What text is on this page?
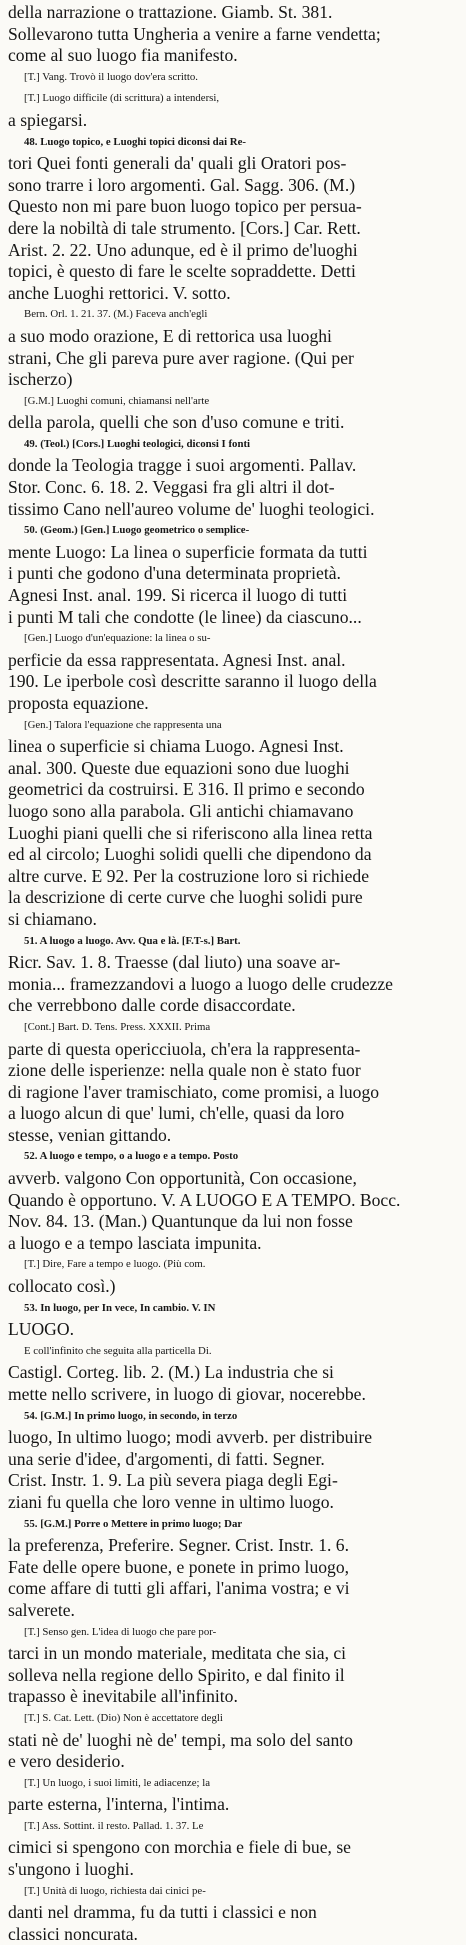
della narrazione o trattazione. Giamb. St. 381.
Sollevarono tutta Ungheria a venire a farne vendetta;
come al suo luogo fia manifesto.
[T.] Vang. Trovò il luogo dov'era scritto.
[T.] Luogo difficile (di scrittura) a intendersi,
a spiegarsi.
48. Luogo topico, e Luoghi topici diconsi dai Re-
tori Quei fonti generali da' quali gli Oratori pos-
sono trarre i loro argomenti. Gal. Sagg. 306. (M.)
Questo non mi pare buon luogo topico per persua-
dere la nobiltà di tale strumento. [Cors.] Car. Rett.
Arist. 2. 22. Uno adunque, ed è il primo de'luoghi
topici, è questo di fare le scelte sopraddette. Detti
anche Luoghi rettorici. V. sotto.
Bern. Orl. 1. 21. 37. (M.) Faceva anch'egli
a suo modo orazione, E di rettorica usa luoghi
strani, Che gli pareva pure aver ragione. (Qui per
ischerzo)
[G.M.] Luoghi comuni, chiamansi nell'arte
della parola, quelli che son d'uso comune e triti.
49. (Teol.) [Cors.] Luoghi teologici, diconsi I fonti
donde la Teologia tragge i suoi argomenti. Pallav.
Stor. Conc. 6. 18. 2. Veggasi fra gli altri il dot-
tissimo Cano nell'aureo volume de' luoghi teologici.
50. (Geom.) [Gen.] Luogo geometrico o semplice-
mente Luogo: La linea o superficie formata da tutti
i punti che godono d'una determinata proprietà.
Agnesi Inst. anal. 199. Si ricerca il luogo di tutti
i punti M tali che condotte (le linee) da ciascuno...
[Gen.] Luogo d'un'equazione: la linea o su-
perficie da essa rappresentata. Agnesi Inst. anal.
190. Le iperbole così descritte saranno il luogo della
proposta equazione.
[Gen.] Talora l'equazione che rappresenta una
linea o superficie si chiama Luogo. Agnesi Inst.
anal. 300. Queste due equazioni sono due luoghi
geometrici da costruirsi. E 316. Il primo e secondo
luogo sono alla parabola. Gli antichi chiamavano
Luoghi piani quelli che si riferiscono alla linea retta
ed al circolo; Luoghi solidi quelli che dipendono da
altre curve. E 92. Per la costruzione loro si richiede
la descrizione di certe curve che luoghi solidi pure
si chiamano.
51. A luogo a luogo. Avv. Qua e là. [F.T-s.] Bart.
Ricr. Sav. 1. 8. Traesse (dal liuto) una soave ar-
monia... framezzandovi a luogo a luogo delle crudezze
che verrebbono dalle corde disaccordate.
[Cont.] Bart. D. Tens. Press. XXXII. Prima
parte di questa opericciuola, ch'era la rappresenta-
zione delle isperienze: nella quale non è stato fuor
di ragione l'aver tramischiato, come promisi, a luogo
a luogo alcun di que' lumi, ch'elle, quasi da loro
stesse, venian gittando.
52. A luogo e tempo, o a luogo e a tempo. Posto
avverb. valgono Con opportunità, Con occasione,
Quando è opportuno. V. A LUOGO E A TEMPO. Bocc.
Nov. 84. 13. (Man.) Quantunque da lui non fosse
a luogo e a tempo lasciata impunita.
[T.] Dire, Fare a tempo e luogo. (Più com.
collocato così.)
53. In luogo, per In vece, In cambio. V. IN
LUOGO.
E coll'infinito che seguita alla particella Di.
Castigl. Corteg. lib. 2. (M.) La industria che si
mette nello scrivere, in luogo di giovar, nocerebbe.
54. [G.M.] In primo luogo, in secondo, in terzo
luogo, In ultimo luogo; modi avverb. per distribuire
una serie d'idee, d'argomenti, di fatti. Segner.
Crist. Instr. 1. 9. La più severa piaga degli Egi-
ziani fu quella che loro venne in ultimo luogo.
55. [G.M.] Porre o Mettere in primo luogo; Dar
la preferenza, Preferire. Segner. Crist. Instr. 1. 6.
Fate delle opere buone, e ponete in primo luogo,
come affare di tutti gli affari, l'anima vostra; e vi
salverete.
[T.] Senso gen. L'idea di luogo che pare por-
tarci in un mondo materiale, meditata che sia, ci
solleva nella regione dello Spirito, e dal finito il
trapasso è inevitabile all'infinito.
[T.] S. Cat. Lett. (Dio) Non è accettatore degli
stati nè de' luoghi nè de' tempi, ma solo del santo
e vero desiderio.
[T.] Un luogo, i suoi limiti, le adiacenze; la
parte esterna, l'interna, l'intima.
[T.] Ass. Sottint. il resto. Pallad. 1. 37. Le
cimici si spengono con morchia e fiele di bue, se
s'ungono i luoghi.
[T.] Unità di luogo, richiesta dai cinici pe-
danti nel dramma, fu da tutti i classici e non
classici noncurata.
